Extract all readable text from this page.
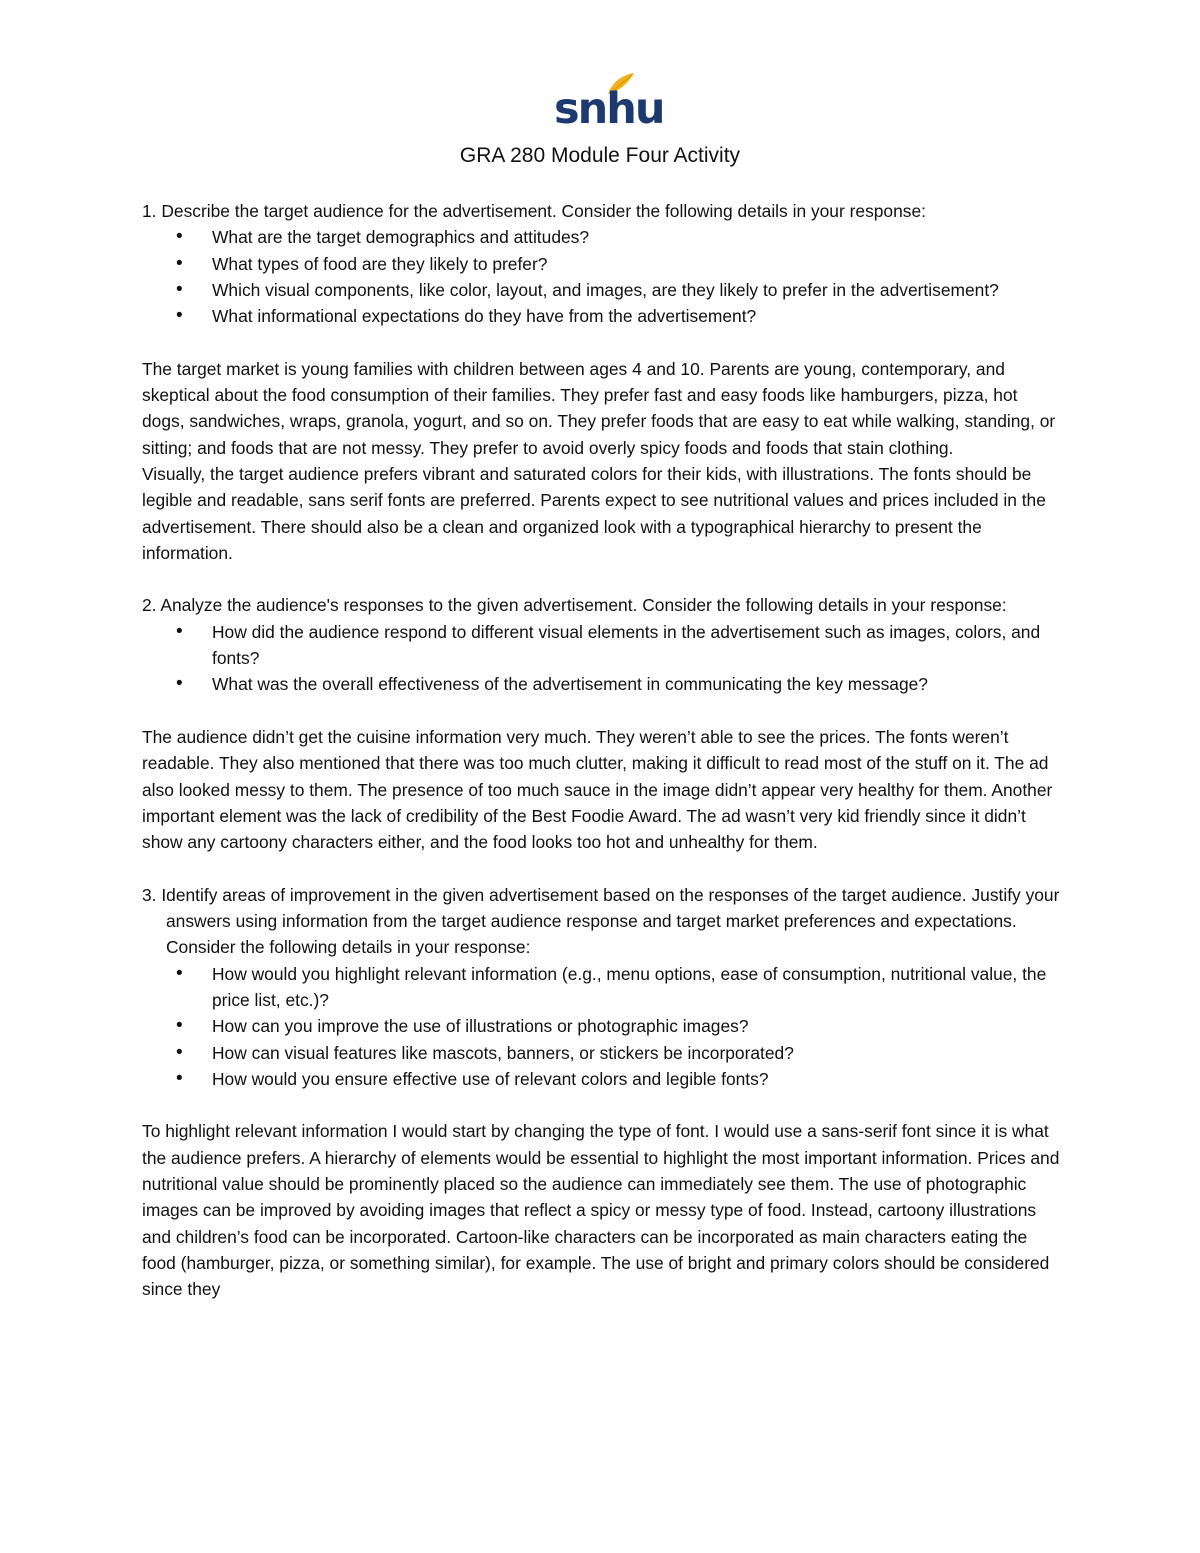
snhu
GRA 280 Module Four Activity

1. Describe the target audience for the advertisement. Consider the following details in your response:

• What are the target demographics and attitudes?
• What types of food are they likely to prefer?
• Which visual components, like color, layout, and images, are they likely to prefer in the advertisement?
• What informational expectations do they have from the advertisement?

The target market is young families with children between ages 4 and 10. Parents are young, contemporary, and skeptical about the food consumption of their families. They prefer fast and easy foods like hamburgers, pizza, hot dogs, sandwiches, wraps, granola, yogurt, and so on. They prefer foods that are easy to eat while walking, standing, or sitting; and foods that are not messy. They prefer to avoid overly spicy foods and foods that stain clothing.

Visually, the target audience prefers vibrant and saturated colors for their kids, with illustrations. The fonts should be legible and readable, sans serif fonts are preferred. Parents expect to see nutritional values and prices included in the advertisement. There should also be a clean and organized look with a typographical hierarchy to present the information.

2. Analyze the audience's responses to the given advertisement. Consider the following details in your response:

• How did the audience respond to different visual elements in the advertisement such as images, colors, and fonts?
• What was the overall effectiveness of the advertisement in communicating the key message?

The audience didn’t get the cuisine information very much. They weren’t able to see the prices. The fonts weren’t readable. They also mentioned that there was too much clutter, making it difficult to read most of the stuff on it. The ad also looked messy to them. The presence of too much sauce in the image didn’t appear very healthy for them. Another important element was the lack of credibility of the Best Foodie Award. The ad wasn’t very kid friendly since it didn’t show any cartoony characters either, and the food looks too hot and unhealthy for them.

3. Identify areas of improvement in the given advertisement based on the responses of the target audience. Justify your answers using information from the target audience response and target market preferences and expectations. Consider the following details in your response:

• How would you highlight relevant information (e.g., menu options, ease of consumption, nutritional value, the price list, etc.)?
• How can you improve the use of illustrations or photographic images?
• How can visual features like mascots, banners, or stickers be incorporated?
• How would you ensure effective use of relevant colors and legible fonts?

To highlight relevant information I would start by changing the type of font. I would use a sans-serif font since it is what the audience prefers. A hierarchy of elements would be essential to highlight the most important information. Prices and nutritional value should be prominently placed so the audience can immediately see them. The use of photographic images can be improved by avoiding images that reflect a spicy or messy type of food. Instead, cartoony illustrations and children’s food can be incorporated. Cartoon-like characters can be incorporated as main characters eating the food (hamburger, pizza, or something similar), for example. The use of bright and primary colors should be considered since they
